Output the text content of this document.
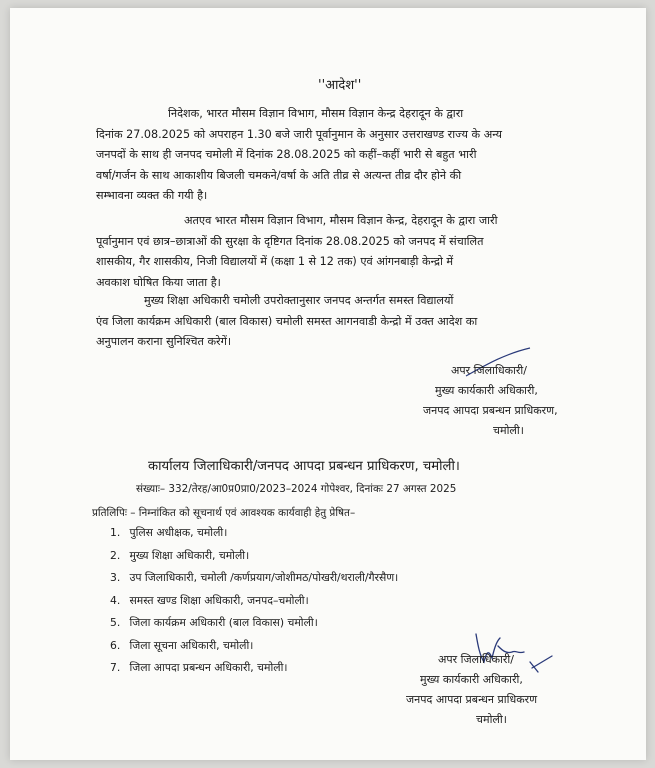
''आदेश''
निदेशक, भारत मौसम विज्ञान विभाग, मौसम विज्ञान केन्द्र देहरादून के द्वारा
दिनांक 27.08.2025 को अपराहन 1.30 बजे जारी पूर्वानुमान के अनुसार उत्तराखण्ड राज्य के अन्य
जनपदों के साथ ही जनपद चमोली में दिनांक 28.08.2025 को कहीं–कहीं भारी से बहुत भारी
वर्षा/गर्जन के साथ आकाशीय बिजली चमकने/वर्षा के अति तीव्र से अत्यन्त तीव्र दौर होने की
सम्भावना व्यक्त की गयी है।
अतएव भारत मौसम विज्ञान विभाग, मौसम विज्ञान केन्द्र, देहरादून के द्वारा जारी
पूर्वानुमान एवं छात्र–छात्राओं की सुरक्षा के दृष्टिगत दिनांक 28.08.2025 को जनपद में संचालित
शासकीय, गैर शासकीय, निजी विद्यालयों में (कक्षा 1 से 12 तक) एवं आंगनबाड़ी केन्द्रो में
अवकाश घोषित किया जाता है।
मुख्य शिक्षा अधिकारी चमोली उपरोक्तानुसार जनपद अन्तर्गत समस्त विद्यालयों
एंव जिला कार्यक्रम अधिकारी (बाल विकास) चमोली समस्त आगनवाडी केन्द्रो में उक्त आदेश का
अनुपालन कराना सुनिश्चित करेगें।
अपर जिलाधिकारी/
मुख्य कार्यकारी अधिकारी,
जनपद आपदा प्रबन्धन प्राधिकरण,
चमोली।
कार्यालय जिलाधिकारी/जनपद आपदा प्रबन्धन प्राधिकरण, चमोली।
संख्याः– 332/तेरह/आ0प्र0प्रा0/2023–2024 गोपेश्वर, दिनांकः 27 अगस्त 2025
प्रतिलिपिः – निम्नांकित को सूचनार्थ एवं आवश्यक कार्यवाही हेतु प्रेषित–
1. पुलिस अधीक्षक, चमोली।
2. मुख्य शिक्षा अधिकारी, चमोली।
3. उप जिलाधिकारी, चमोली /कर्णप्रयाग/जोशीमठ/पोखरी/थराली/गैरसैण।
4. समस्त खण्ड शिक्षा अधिकारी, जनपद–चमोली।
5. जिला कार्यक्रम अधिकारी (बाल विकास) चमोली।
6. जिला सूचना अधिकारी, चमोली।
7. जिला आपदा प्रबन्धन अधिकारी, चमोली।
अपर जिलाधिकारी/
मुख्य कार्यकारी अधिकारी,
जनपद आपदा प्रबन्धन प्राधिकरण
चमोली।
